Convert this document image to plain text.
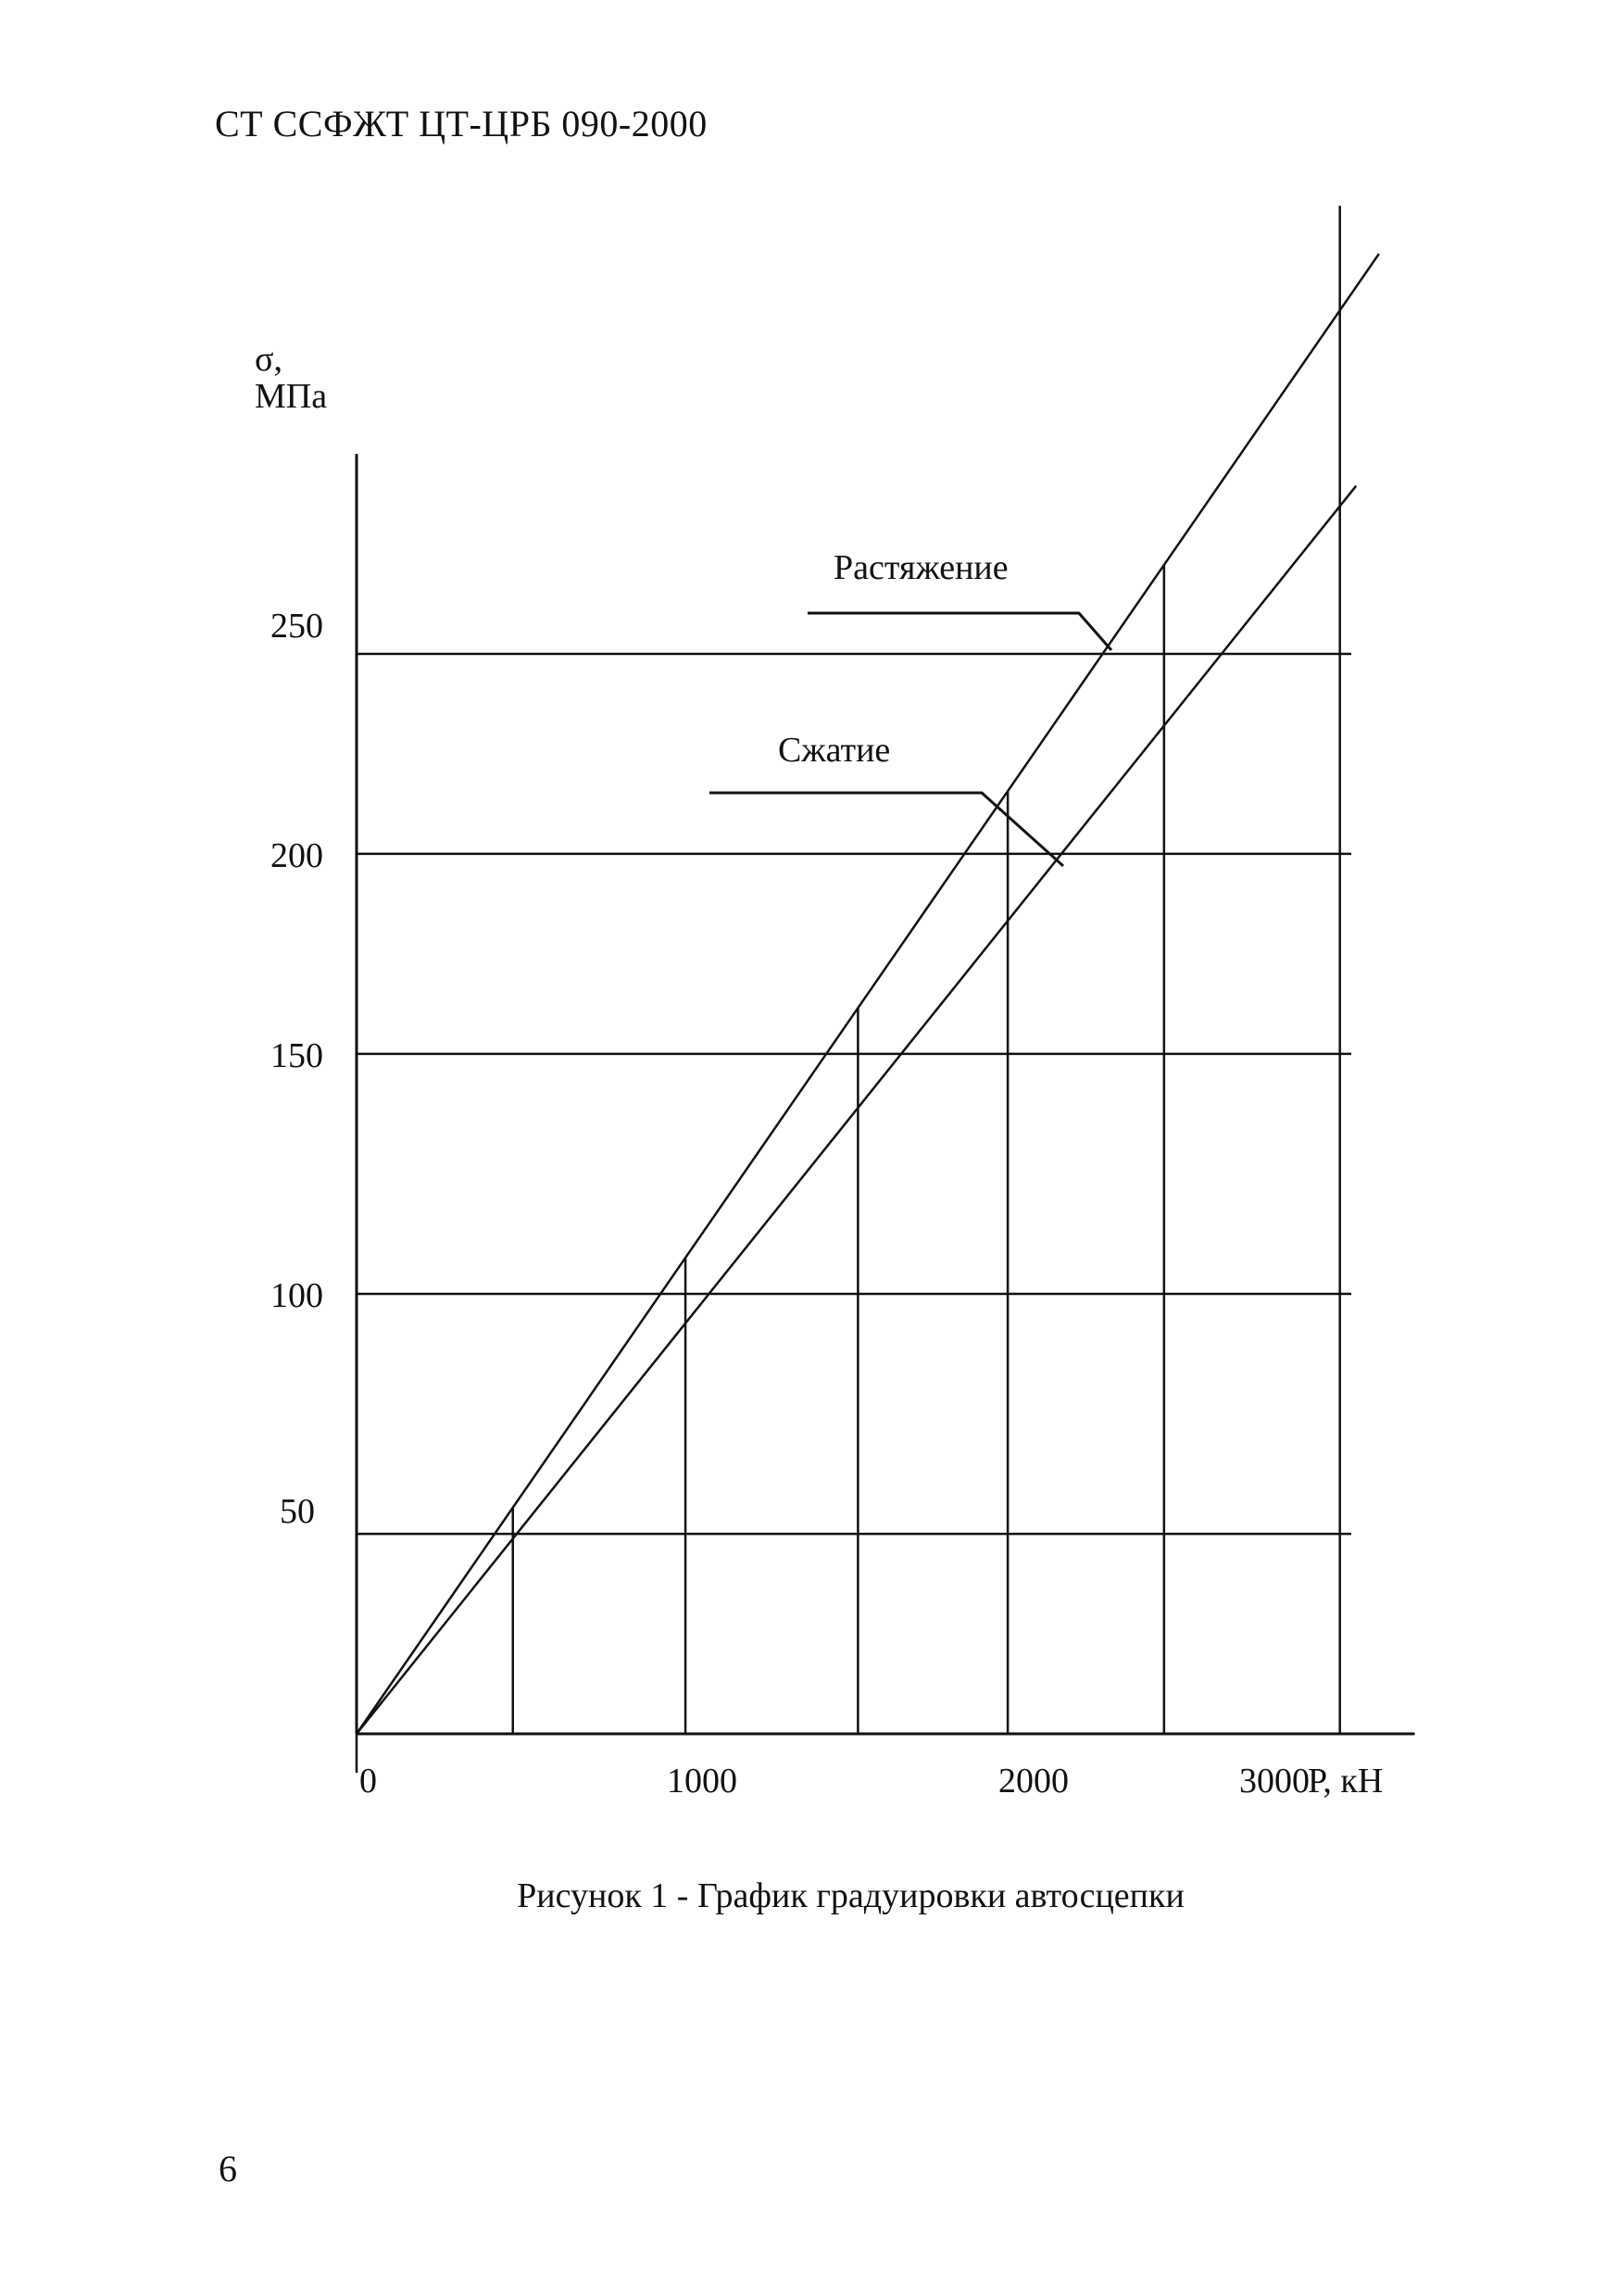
СТ ССФЖТ ЦТ-ЦРБ 090-2000
50
100
150
200
250
0	1000	2000	3000
σ,
МПа
Р, кН
Растяжение
Сжатие
Рисунок 1 - График градуировки автосцепки
6
